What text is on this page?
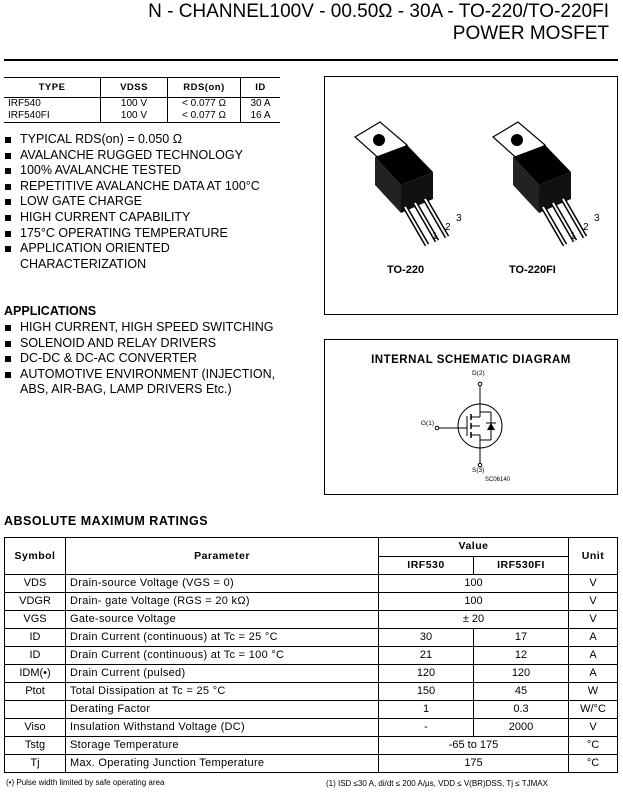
N - CHANNEL100V - 00.50Ω - 30A - TO-220/TO-220FI
POWER MOSFET
TYPE	VDSS	RDS(on)	ID
IRF540	100 V	< 0.077 Ω	30 A
IRF540FI	100 V	< 0.077 Ω	16 A
TYPICAL RDS(on) = 0.050 Ω
AVALANCHE RUGGED TECHNOLOGY
100% AVALANCHE TESTED
REPETITIVE AVALANCHE DATA AT 100°C
LOW GATE CHARGE
HIGH CURRENT CAPABILITY
175°C OPERATING TEMPERATURE
APPLICATION ORIENTED CHARACTERIZATION
APPLICATIONS
HIGH CURRENT, HIGH SPEED SWITCHING
SOLENOID AND RELAY DRIVERS
DC-DC & DC-AC CONVERTER
AUTOMOTIVE ENVIRONMENT (INJECTION, ABS, AIR-BAG, LAMP DRIVERS Etc.)
1
2
3
1
2
3
TO-220	TO-220FI
INTERNAL SCHEMATIC DIAGRAM
D(2)
G(1)
S(3)
SC06140
ABSOLUTE MAXIMUM RATINGS
Symbol	Parameter	Value		Unit
		IRF530	IRF530FI	
VDS	Drain-source Voltage (VGS = 0)	100		V
VDGR	Drain- gate Voltage (RGS = 20 kΩ)	100		V
VGS	Gate-source Voltage	± 20		V
ID	Drain Current (continuous) at Tc = 25 °C	30	17	A
ID	Drain Current (continuous) at Tc = 100 °C	21	12	A
IDM(•)	Drain Current (pulsed)	120	120	A
Ptot	Total Dissipation at Tc = 25 °C	150	45	W
	Derating Factor	1	0.3	W/°C
Viso	Insulation Withstand Voltage (DC)	-	2000	V
Tstg	Storage Temperature	-65 to 175		°C
Tj	Max. Operating Junction Temperature	175		°C
(•) Pulse width limited by safe operating area	(1) ISD ≤30 A, di/dt ≤ 200 A/μs, VDD ≤ V(BR)DSS, Tj ≤ TJMAX
